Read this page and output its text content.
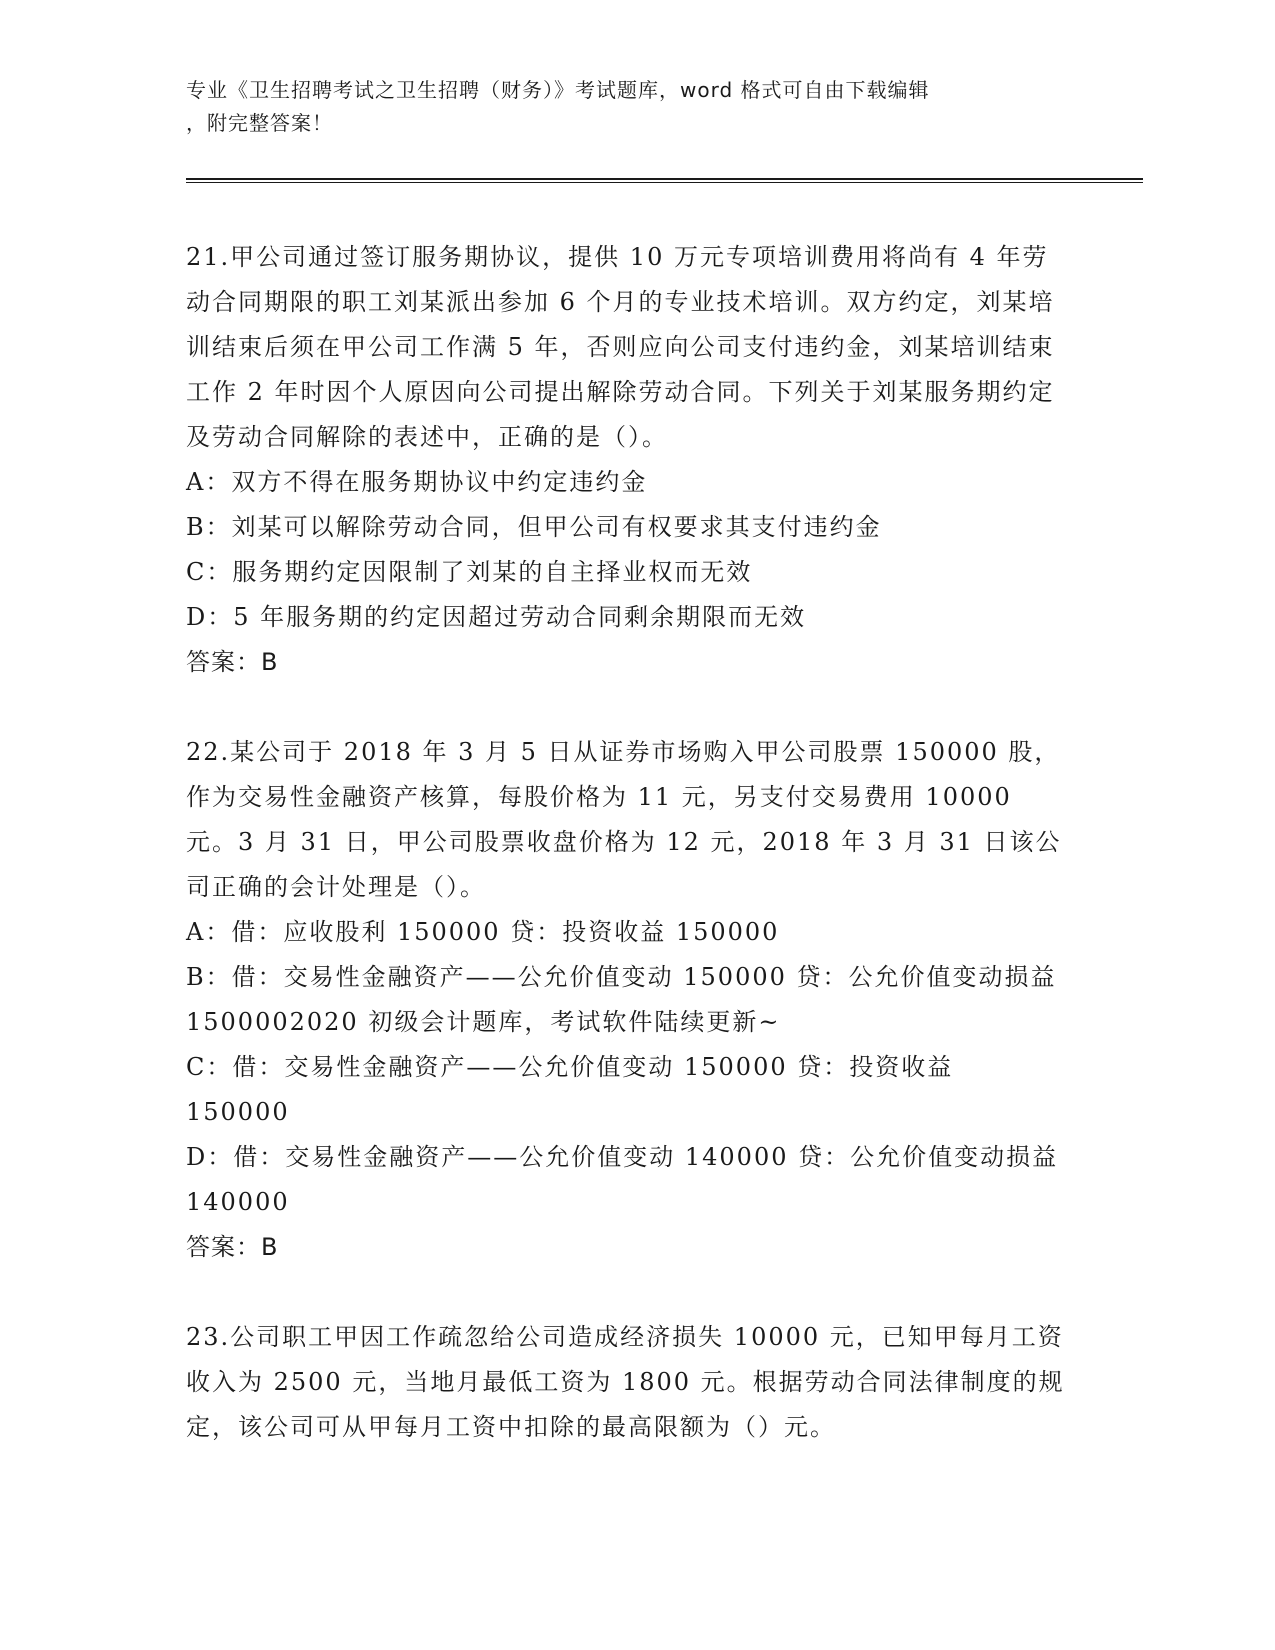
专业《卫生招聘考试之卫生招聘（财务）》考试题库，word 格式可自由下载编辑
，附完整答案！

21.甲公司通过签订服务期协议，提供 10 万元专项培训费用将尚有 4 年劳动合同期限的职工刘某派出参加 6 个月的专业技术培训。双方约定，刘某培训结束后须在甲公司工作满 5 年，否则应向公司支付违约金，刘某培训结束工作 2 年时因个人原因向公司提出解除劳动合同。下列关于刘某服务期约定及劳动合同解除的表述中，正确的是（）。

A：双方不得在服务期协议中约定违约金

B：刘某可以解除劳动合同，但甲公司有权要求其支付违约金

C：服务期约定因限制了刘某的自主择业权而无效

D：5 年服务期的约定因超过劳动合同剩余期限而无效

答案：B

22.某公司于 2018 年 3 月 5 日从证券市场购入甲公司股票 150000 股，作为交易性金融资产核算，每股价格为 11 元，另支付交易费用 10000 元。3 月 31 日，甲公司股票收盘价格为 12 元，2018 年 3 月 31 日该公司正确的会计处理是（）。

A：借：应收股利 150000 贷：投资收益 150000

B：借：交易性金融资产——公允价值变动 150000 贷：公允价值变动损益 1500002020 初级会计题库，考试软件陆续更新~

C：借：交易性金融资产——公允价值变动 150000 贷：投资收益 150000

D：借：交易性金融资产——公允价值变动 140000 贷：公允价值变动损益 140000

答案：B

23.公司职工甲因工作疏忽给公司造成经济损失 10000 元，已知甲每月工资收入为 2500 元，当地月最低工资为 1800 元。根据劳动合同法律制度的规定，该公司可从甲每月工资中扣除的最高限额为（）元。
